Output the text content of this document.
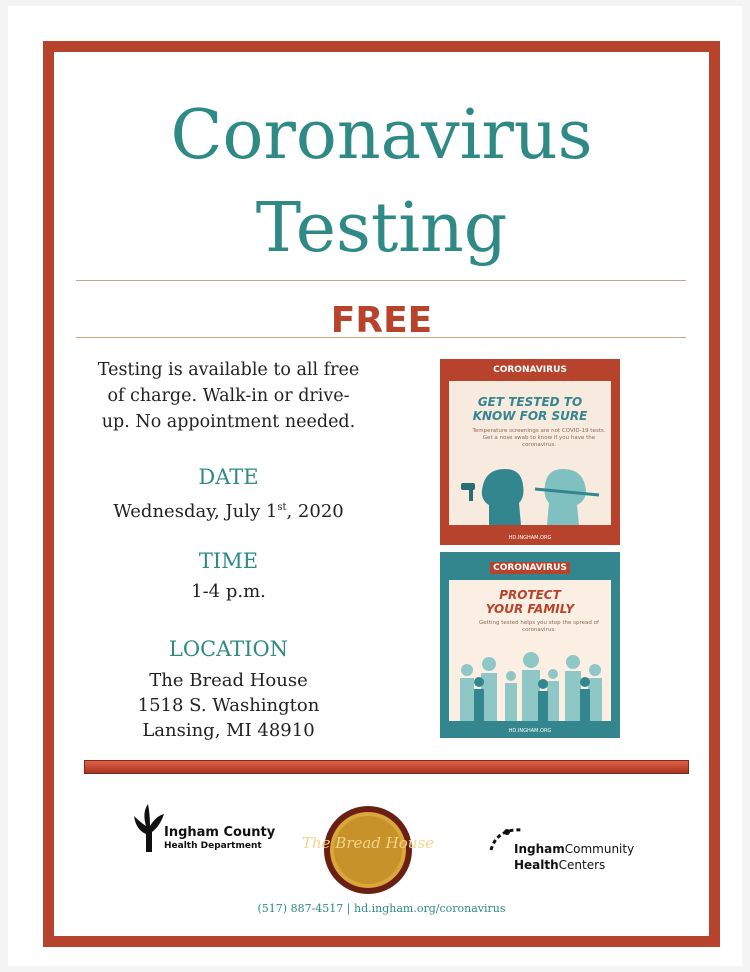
Coronavirus
Testing
FREE
Testing is available to all free
of charge. Walk-in or drive-
up. No appointment needed.
DATE
Wednesday, July 1st, 2020
TIME
1-4 p.m.
LOCATION
The Bread House
1518 S. Washington
Lansing, MI 48910
CORONAVIRUS
GET TESTED TO
KNOW FOR SURE
Temperature screenings are not COVID-19 tests. Get a nose swab to know if you have the coronavirus.
HD.INGHAM.ORG
CORONAVIRUS
PROTECT
YOUR FAMILY
Getting tested helps you stop the spread of coronavirus.
HD.INGHAM.ORG
Ingham County
Health Department	The Bread House	InghamCommunity
HealthCenters
(517) 887-4517 | hd.ingham.org/coronavirus
